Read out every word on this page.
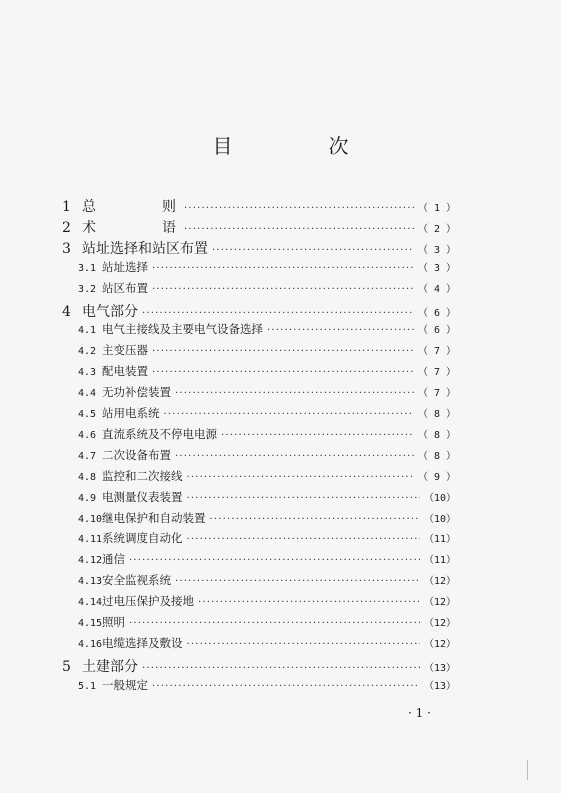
目　次
1 总　则 ·····	（ 1 ）
2 术　语 ·····	（ 2 ）
3 站址选择和站区布置 ·····	（ 3 ）
3.1 站址选择 ·····	（ 3 ）
3.2 站区布置 ·····	（ 4 ）
4 电气部分 ·····	（ 6 ）
4.1 电气主接线及主要电气设备选择 ·····	（ 6 ）
4.2 主变压器 ·····	（ 7 ）
4.3 配电装置 ·····	（ 7 ）
4.4 无功补偿装置 ·····	（ 7 ）
4.5 站用电系统 ·····	（ 8 ）
4.6 直流系统及不停电电源 ·····	（ 8 ）
4.7 二次设备布置 ·····	（ 8 ）
4.8 监控和二次接线 ·····	（ 9 ）
4.9 电测量仪表装置 ·····	（10）
4.10 继电保护和自动装置 ·····	（10）
4.11 系统调度自动化 ·····	（11）
4.12 通信 ·····	（11）
4.13 安全监视系统 ·····	（12）
4.14 过电压保护及接地 ·····	（12）
4.15 照明 ·····	（12）
4.16 电缆选择及敷设 ·····	（12）
5 土建部分 ·····	（13）
5.1 一般规定 ·····	（13）
· 1 ·
